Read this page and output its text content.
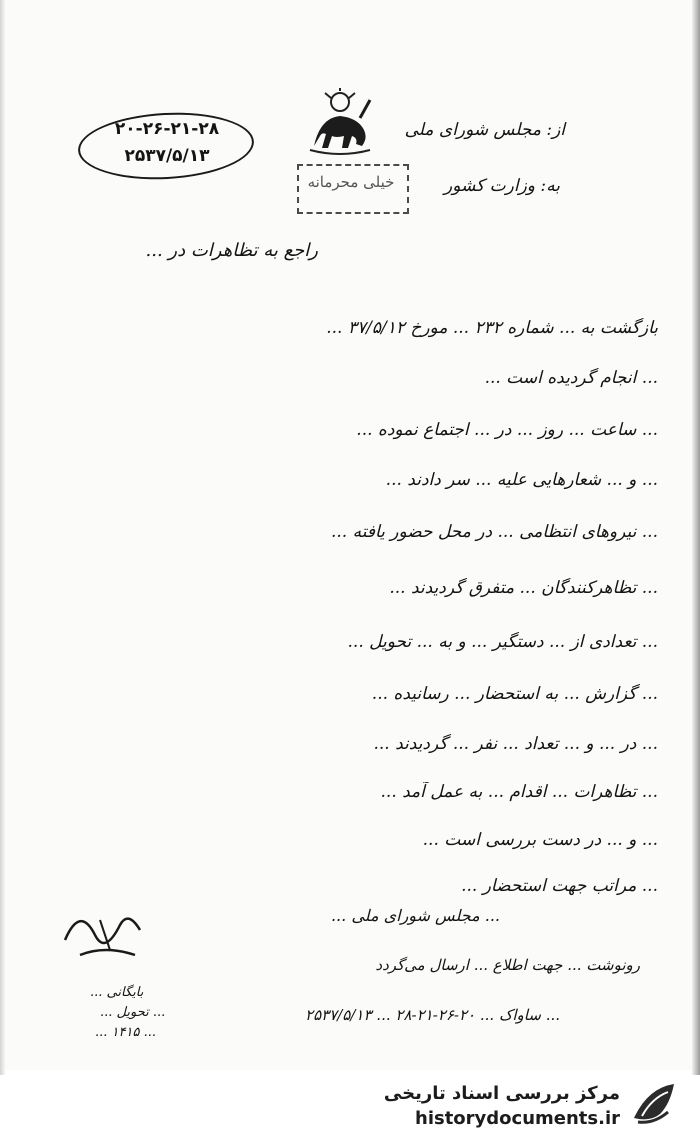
۲۰-۲۶-۲۱-۲۸
۲۵۳۷/۵/۱۳
خیلی محرمانه
از: مجلس شورای ملی
به: وزارت کشور
راجع به تظاهرات در ...
بازگشت به ... شماره ۲۳۲ ... مورخ ۳۷/۵/۱۲ ...
... انجام گردیده است ...
... ساعت ... روز ... در ... اجتماع نموده ...
... و ... شعارهایی علیه ... سر دادند ...
... نیروهای انتظامی ... در محل حضور یافته ...
... تظاهرکنندگان ... متفرق گردیدند ...
... تعدادی از ... دستگیر ... و به ... تحویل ...
... گزارش ... به استحضار ... رسانیده ...
... در ... و ... تعداد ... نفر ... گردیدند ...
... تظاهرات ... اقدام ... به عمل آمد ...
... و ... در دست بررسی است ...
... مراتب جهت استحضار ...
... مجلس شورای ملی ...
رونوشت ... جهت اطلاع ... ارسال می‌گردد
... ساواک ... ۲۰-۲۶-۲۱-۲۸ ... ۲۵۳۷/۵/۱۳
بایگانی ...
... تحویل ...
... ۱۴۱۵ ...
مرکز بررسی اسناد تاریخی
historydocuments.ir
